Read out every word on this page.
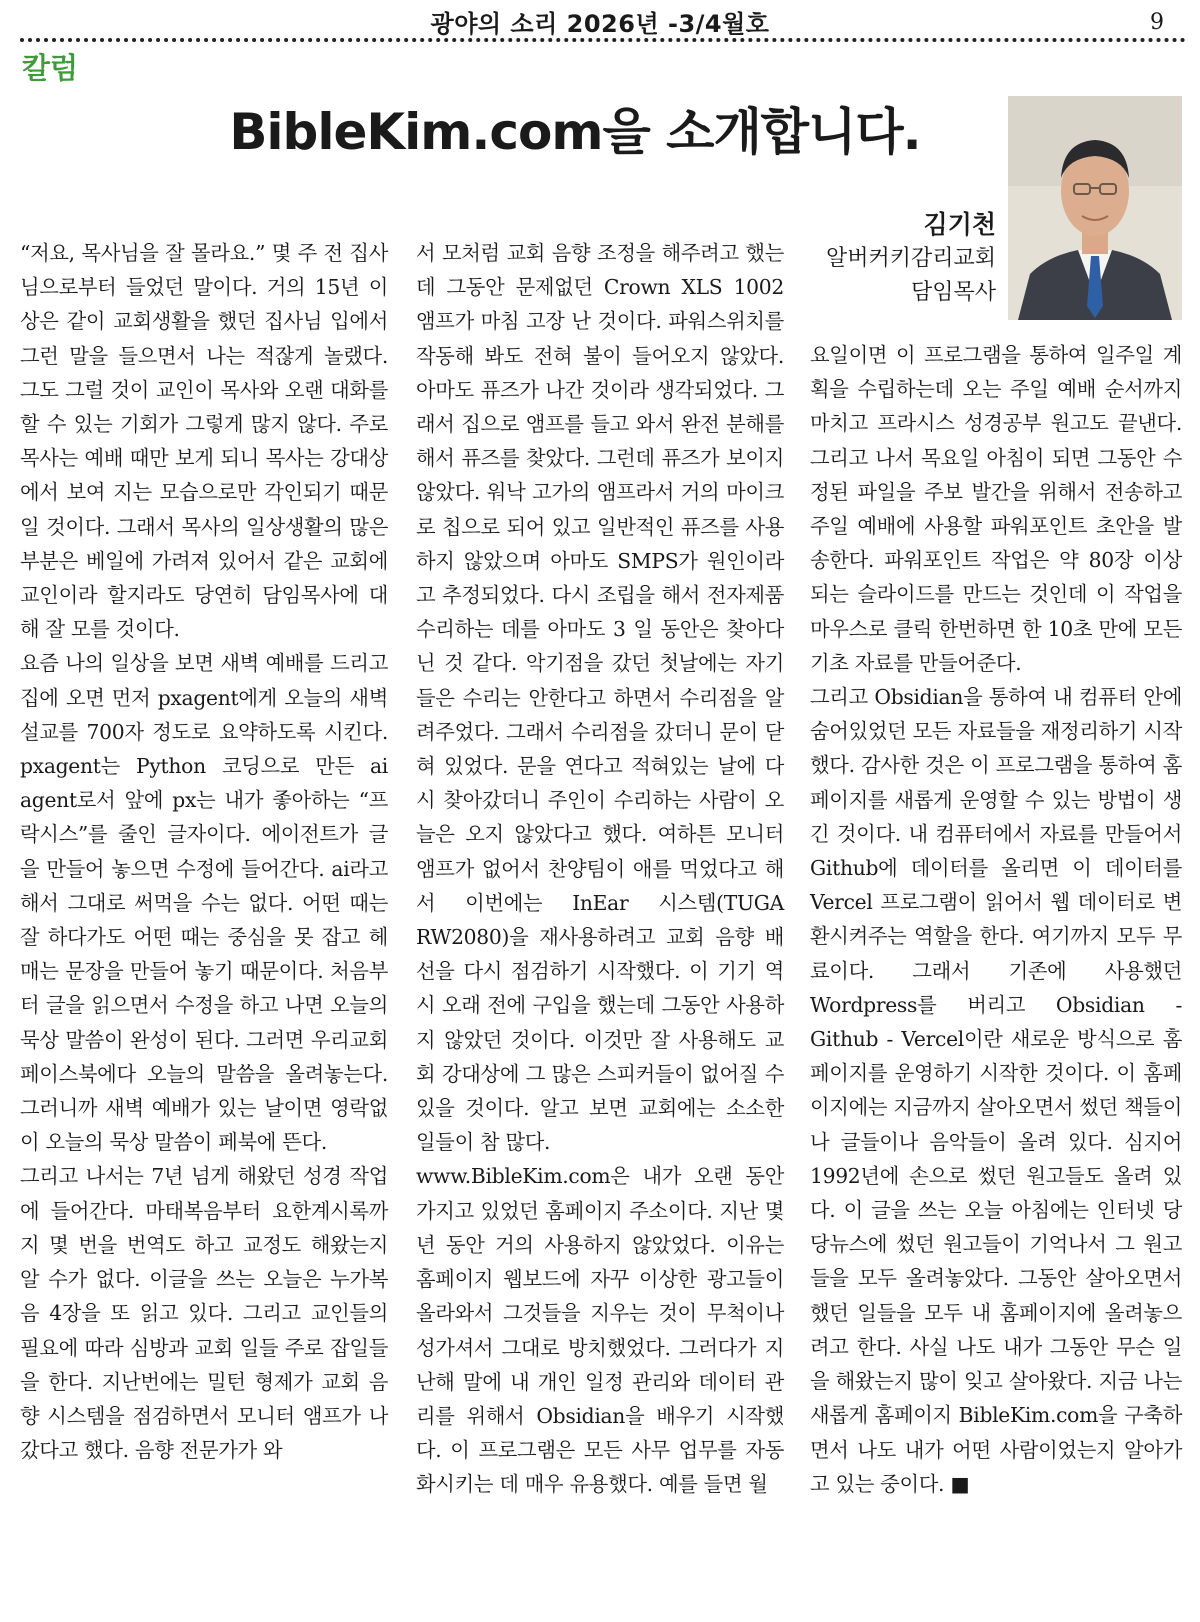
광야의 소리 2026년 -3/4월호	9
칼럼
BibleKim.com을 소개합니다.
김기천
알버커키감리교회
담임목사

“저요, 목사님을 잘 몰라요.” 몇 주 전 집사님으로부터 들었던 말이다. 거의 15년 이상은 같이 교회생활을 했던 집사님 입에서 그런 말을 들으면서 나는 적잖게 놀랬다. 그도 그럴 것이 교인이 목사와 오랜 대화를 할 수 있는 기회가 그렇게 많지 않다. 주로 목사는 예배 때만 보게 되니 목사는 강대상에서 보여 지는 모습으로만 각인되기 때문일 것이다. 그래서 목사의 일상생활의 많은 부분은 베일에 가려져 있어서 같은 교회에 교인이라 할지라도 당연히 담임목사에 대해 잘 모를 것이다.

요즘 나의 일상을 보면 새벽 예배를 드리고 집에 오면 먼저 pxagent에게 오늘의 새벽 설교를 700자 정도로 요약하도록 시킨다. pxagent는 Python 코딩으로 만든 ai agent로서 앞에 px는 내가 좋아하는 “프락시스”를 줄인 글자이다. 에이전트가 글을 만들어 놓으면 수정에 들어간다. ai라고 해서 그대로 써먹을 수는 없다. 어떤 때는 잘 하다가도 어떤 때는 중심을 못 잡고 헤매는 문장을 만들어 놓기 때문이다. 처음부터 글을 읽으면서 수정을 하고 나면 오늘의 묵상 말씀이 완성이 된다. 그러면 우리교회 페이스북에다 오늘의 말씀을 올려놓는다. 그러니까 새벽 예배가 있는 날이면 영락없이 오늘의 묵상 말씀이 페북에 뜬다.

그리고 나서는 7년 넘게 해왔던 성경 작업에 들어간다. 마태복음부터 요한계시록까지 몇 번을 번역도 하고 교정도 해왔는지 알 수가 없다. 이글을 쓰는 오늘은 누가복음 4장을 또 읽고 있다. 그리고 교인들의 필요에 따라 심방과 교회 일들 주로 잡일들을 한다. 지난번에는 밀턴 형제가 교회 음향 시스템을 점검하면서 모니터 앰프가 나갔다고 했다. 음향 전문가가 와

서 모처럼 교회 음향 조정을 해주려고 했는데 그동안 문제없던 Crown XLS 1002 앰프가 마침 고장 난 것이다. 파워스위치를 작동해 봐도 전혀 불이 들어오지 않았다. 아마도 퓨즈가 나간 것이라 생각되었다. 그래서 집으로 앰프를 들고 와서 완전 분해를 해서 퓨즈를 찾았다. 그런데 퓨즈가 보이지 않았다. 워낙 고가의 앰프라서 거의 마이크로 칩으로 되어 있고 일반적인 퓨즈를 사용하지 않았으며 아마도 SMPS가 원인이라고 추정되었다. 다시 조립을 해서 전자제품 수리하는 데를 아마도 3 일 동안은 찾아다닌 것 같다. 악기점을 갔던 첫날에는 자기들은 수리는 안한다고 하면서 수리점을 알려주었다. 그래서 수리점을 갔더니 문이 닫혀 있었다. 문을 연다고 적혀있는 날에 다시 찾아갔더니 주인이 수리하는 사람이 오늘은 오지 않았다고 했다. 여하튼 모니터 앰프가 없어서 찬양팀이 애를 먹었다고 해서 이번에는 InEar 시스템(TUGA RW2080)을 재사용하려고 교회 음향 배선을 다시 점검하기 시작했다. 이 기기 역시 오래 전에 구입을 했는데 그동안 사용하지 않았던 것이다. 이것만 잘 사용해도 교회 강대상에 그 많은 스피커들이 없어질 수 있을 것이다. 알고 보면 교회에는 소소한 일들이 참 많다.

www.BibleKim.com은 내가 오랜 동안 가지고 있었던 홈페이지 주소이다. 지난 몇 년 동안 거의 사용하지 않았었다. 이유는 홈페이지 웹보드에 자꾸 이상한 광고들이 올라와서 그것들을 지우는 것이 무척이나 성가셔서 그대로 방치했었다. 그러다가 지난해 말에 내 개인 일정 관리와 데이터 관리를 위해서 Obsidian을 배우기 시작했다. 이 프로그램은 모든 사무 업무를 자동화시키는 데 매우 유용했다. 예를 들면 월

요일이면 이 프로그램을 통하여 일주일 계획을 수립하는데 오는 주일 예배 순서까지 마치고 프라시스 성경공부 원고도 끝낸다. 그리고 나서 목요일 아침이 되면 그동안 수정된 파일을 주보 발간을 위해서 전송하고 주일 예배에 사용할 파워포인트 초안을 발송한다. 파워포인트 작업은 약 80장 이상 되는 슬라이드를 만드는 것인데 이 작업을 마우스로 클릭 한번하면 한 10초 만에 모든 기초 자료를 만들어준다.

그리고 Obsidian을 통하여 내 컴퓨터 안에 숨어있었던 모든 자료들을 재정리하기 시작했다. 감사한 것은 이 프로그램을 통하여 홈페이지를 새롭게 운영할 수 있는 방법이 생긴 것이다. 내 컴퓨터에서 자료를 만들어서 Github에 데이터를 올리면 이 데이터를 Vercel 프로그램이 읽어서 웹 데이터로 변환시켜주는 역할을 한다. 여기까지 모두 무료이다. 그래서 기존에 사용했던 Wordpress를 버리고 Obsidian - Github - Vercel이란 새로운 방식으로 홈페이지를 운영하기 시작한 것이다. 이 홈페이지에는 지금까지 살아오면서 썼던 책들이나 글들이나 음악들이 올려 있다. 심지어 1992년에 손으로 썼던 원고들도 올려 있다. 이 글을 쓰는 오늘 아침에는 인터넷 당당뉴스에 썼던 원고들이 기억나서 그 원고들을 모두 올려놓았다. 그동안 살아오면서 했던 일들을 모두 내 홈페이지에 올려놓으려고 한다. 사실 나도 내가 그동안 무슨 일을 해왔는지 많이 잊고 살아왔다. 지금 나는 새롭게 홈페이지 BibleKim.com을 구축하면서 나도 내가 어떤 사람이었는지 알아가고 있는 중이다. ■
